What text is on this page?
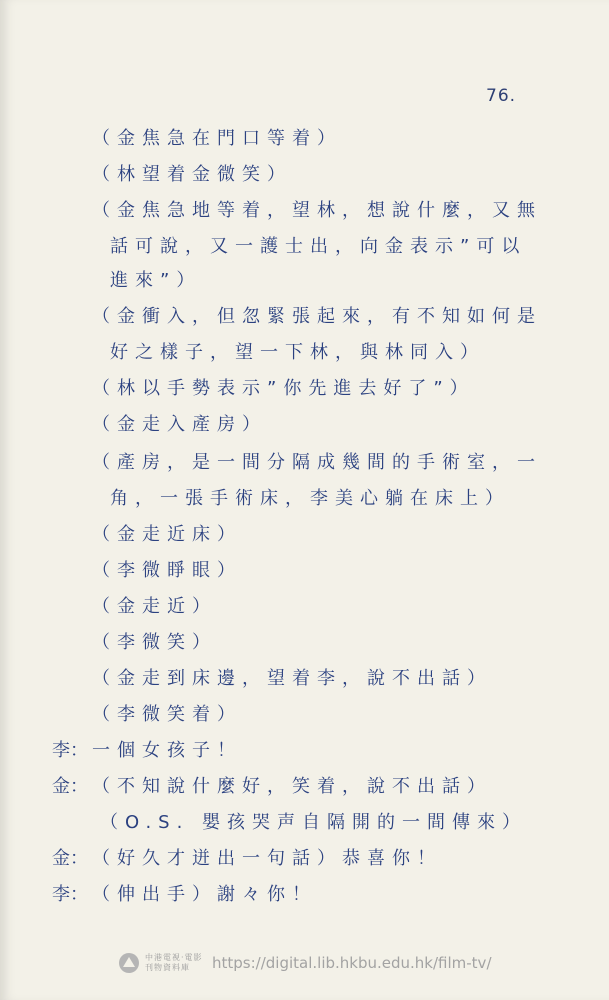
76.
（金焦急在門口等着）
（林望着金微笑）
（金焦急地等着，望林，想說什麼，又無
話可說，又一護士出，向金表示”可以
進來”）
（金衝入，但忽緊張起來，有不知如何是
好之樣子，望一下林，與林同入）
（林以手勢表示”你先進去好了”）
（金走入產房）
（產房，是一間分隔成幾間的手術室，一
角，一張手術床，李美心躺在床上）
（金走近床）
（李微睜眼）
（金走近）
（李微笑）
（金走到床邊，望着李，說不出話）
（李微笑着）
李： 一個女孩子！
金： （不知說什麼好，笑着，說不出話）
（O.S. 嬰孩哭声自隔開的一間傳來）
金： （好久才迸出一句話）恭喜你！
李： （伸出手）謝々你！
中港電視‧電影刊物資料庫	https://digital.lib.hkbu.edu.hk/film-tv/
